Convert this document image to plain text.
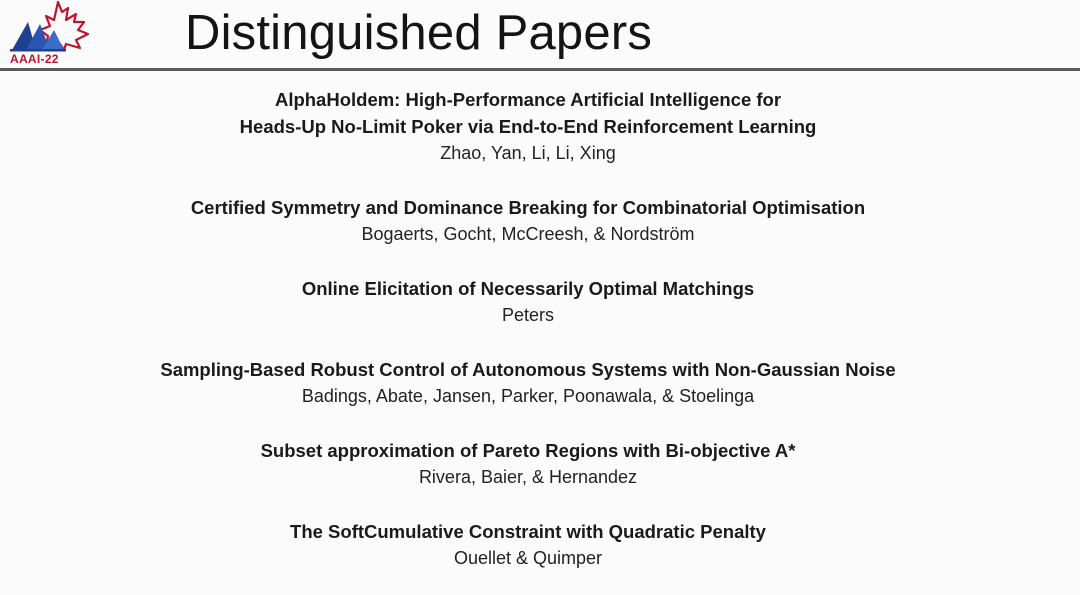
AAAI-22	Distinguished Papers
AlphaHoldem: High-Performance Artificial Intelligence for
Heads-Up No-Limit Poker via End-to-End Reinforcement Learning
Zhao, Yan, Li, Li, Xing
Certified Symmetry and Dominance Breaking for Combinatorial Optimisation
Bogaerts, Gocht, McCreesh, & Nordström
Online Elicitation of Necessarily Optimal Matchings
Peters
Sampling-Based Robust Control of Autonomous Systems with Non-Gaussian Noise
Badings, Abate, Jansen, Parker, Poonawala, & Stoelinga
Subset approximation of Pareto Regions with Bi-objective A*
Rivera, Baier, & Hernandez
The SoftCumulative Constraint with Quadratic Penalty
Ouellet & Quimper
